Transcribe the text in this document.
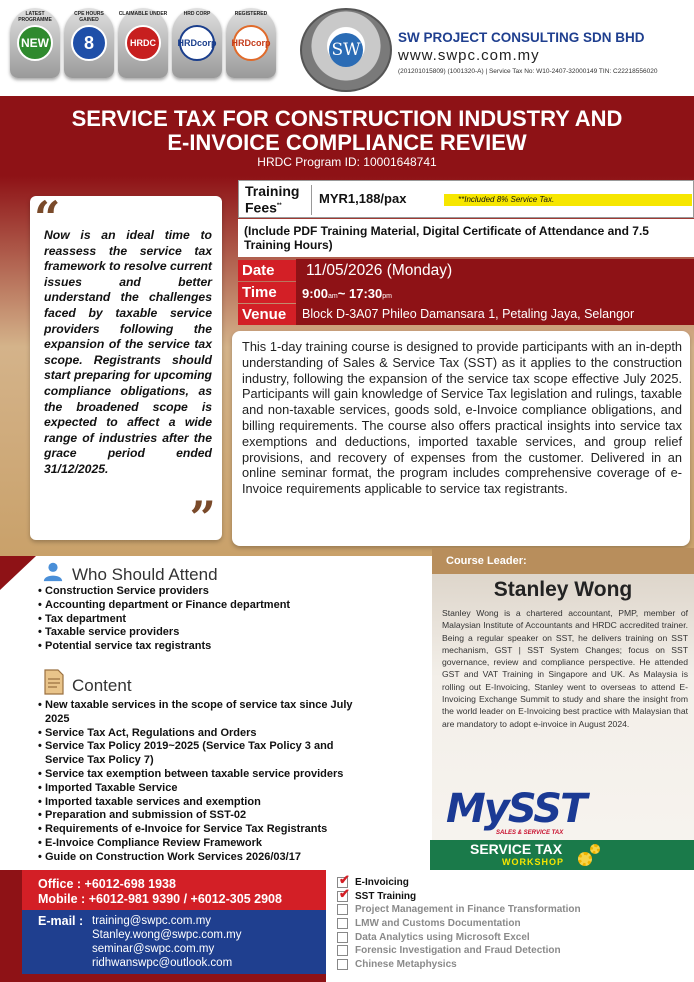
LATEST PROGRAMME
NEW
CPE HOURS GAINED
8
CLAIMABLE UNDER
HRDC
HRD CORP
HRDcorp
REGISTERED
HRDcorp	SW
SW PROJECT CONSULTING SDN BHD
www.swpc.com.my
(201201015809) (1001320-A) | Service Tax No: W10-2407-32000149 TIN: C22218556020
SERVICE TAX FOR CONSTRUCTION INDUSTRY AND
E-INVOICE COMPLIANCE REVIEW
HRDC Program ID: 10001648741
“

Now is an ideal time to reassess the service tax framework to resolve current issues and better understand the challenges faced by taxable service providers following the expansion of the service tax scope. Registrants should start preparing for upcoming compliance obligations, as the broadened scope is expected to affect a wide range of industries after the grace period ended 31/12/2025.

”
Training
Fees**	MYR1,188/pax	**Included 8% Service Tax.
(Include PDF Training Material, Digital Certificate of Attendance and 7.5 Training Hours)
Date	11/05/2026 (Monday)
Time	9:00am~ 17:30pm
Venue	Block D-3A07 Phileo Damansara 1, Petaling Jaya, Selangor
This 1-day training course is designed to provide participants with an in-depth understanding of Sales & Service Tax (SST) as it applies to the construction industry, following the expansion of the service tax scope effective July 2025. Participants will gain knowledge of Service Tax legislation and rulings, taxable and non-taxable services, goods sold, e-Invoice compliance obligations, and billing requirements. The course also offers practical insights into service tax exemptions and deductions, imported taxable services, and group relief provisions, and recovery of expenses from the customer. Delivered in an online seminar format, the program includes comprehensive coverage of e-Invoice requirements applicable to service tax registrants.
Who Should Attend
• Construction Service providers
• Accounting department or Finance department
• Tax department
• Taxable service providers
• Potential service tax registrants
Content
• New taxable services in the scope of service tax since July 2025
• Service Tax Act, Regulations and Orders
• Service Tax Policy 2019~2025 (Service Tax Policy 3 and Service Tax Policy 7)
• Service tax exemption between taxable service providers
• Imported Taxable Service
• Imported taxable services and exemption
• Preparation and submission of SST-02
• Requirements of e-Invoice for Service Tax Registrants
• E-Invoice Compliance Review Framework
• Guide on Construction Work Services 2026/03/17
Course Leader:
Stanley Wong

Stanley Wong is a chartered accountant, PMP, member of Malaysian Institute of Accountants and HRDC accredited trainer. Being a regular speaker on SST, he delivers training on SST mechanism, GST | SST System Changes; focus on SST governance, review and compliance perspective. He attended GST and VAT Training in Singapore and UK. As Malaysia is rolling out E-Invoicing, Stanley went to overseas to attend E-Invoicing Exchange Summit to study and share the insight from the world leader on E-Invoicing best practice with Malaysian that are mandatory to adopt e-invoice in August 2024.

MySST
SALES & SERVICE TAX
SERVICE TAX
WORKSHOP
Office : +6012-698 1938
Mobile : +6012-981 9390 / +6012-305 2908
E-mail : training@swpc.com.my
Stanley.wong@swpc.com.my
seminar@swpc.com.my
ridhwanswpc@outlook.com
✔ E-Invoicing
✔ SST Training
Project Management in Finance Transformation
LMW and Customs Documentation
Data Analytics using Microsoft Excel
Forensic Investigation and Fraud Detection
Chinese Metaphysics
